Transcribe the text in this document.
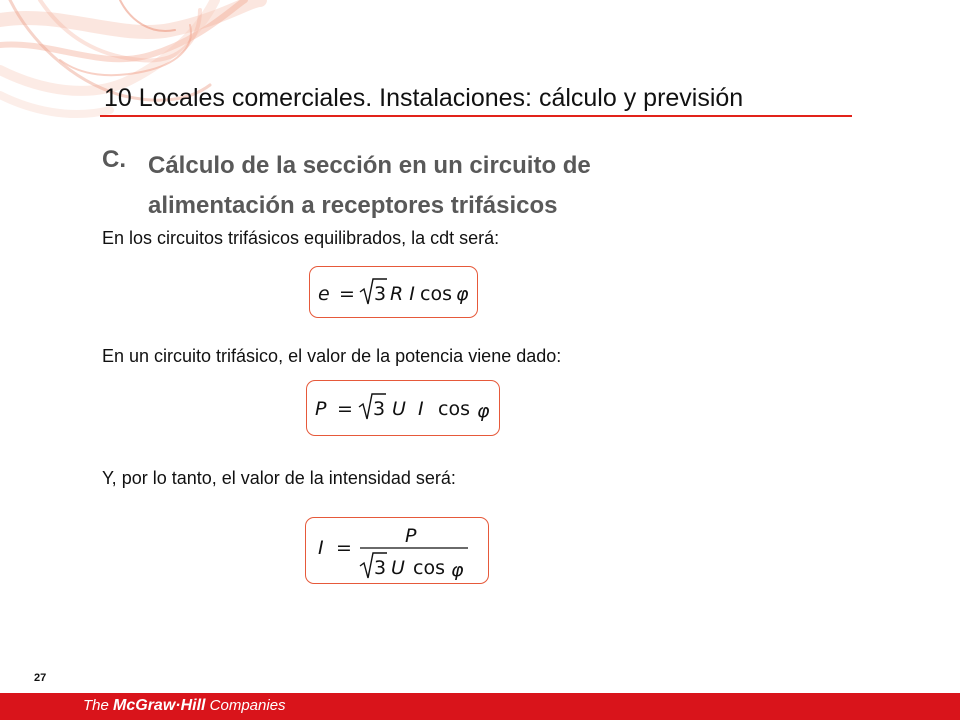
10 Locales comerciales. Instalaciones: cálculo y previsión
C. Cálculo de la sección en un circuito de
alimentación a receptores trifásicos

En los circuitos trifásicos equilibrados, la cdt será:

e = 3 R I cos φ

En un circuito trifásico, el valor de la potencia viene dado:

P = 3 U  I cos φ

Y, por lo tanto, el valor de la intensidad será:

I =
P
3 U cos φ
27
The McGraw·Hill Companies
